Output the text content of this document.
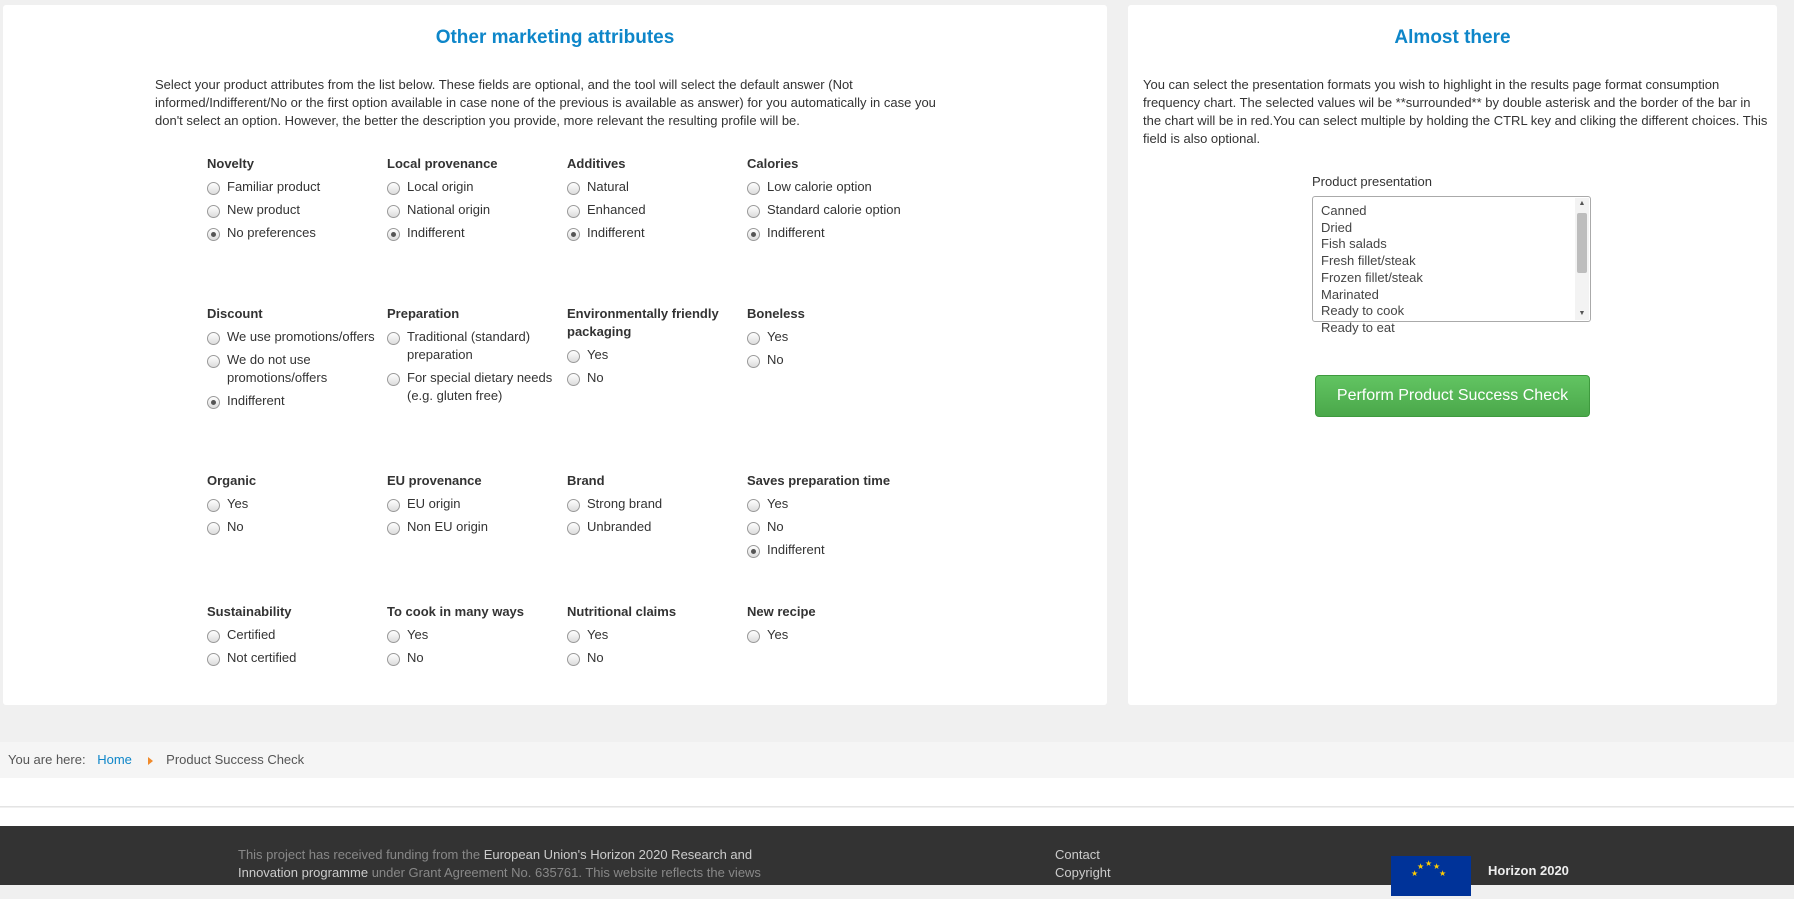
Other marketing attributes
Select your product attributes from the list below. These fields are optional, and the tool will select the default answer (Not informed/Indifferent/No or the first option available in case none of the previous is available as answer) for you automatically in case you don't select an option. However, the better the description you provide, more relevant the resulting profile will be.
Novelty
Familiar product
New product
No preferences
Local provenance
Local origin
National origin
Indifferent
Additives
Natural
Enhanced
Indifferent
Calories
Low calorie option
Standard calorie option
Indifferent
Discount
We use promotions/offers
We do not use promotions/offers
Indifferent
Preparation
Traditional (standard) preparation
For special dietary needs (e.g. gluten free)
Environmentally friendly packaging
Yes
No
Boneless
Yes
No
Organic
Yes
No
EU provenance
EU origin
Non EU origin
Brand
Strong brand
Unbranded
Saves preparation time
Yes
No
Indifferent
Sustainability
Certified
Not certified
To cook in many ways
Yes
No
Nutritional claims
Yes
No
New recipe
Yes
Almost there
You can select the presentation formats you wish to highlight in the results page format consumption frequency chart. The selected values wil be **surrounded** by double asterisk and the border of the bar in the chart will be in red.You can select multiple by holding the CTRL key and cliking the different choices. This field is also optional.
Product presentation
Canned
Dried
Fish salads
Fresh fillet/steak
Frozen fillet/steak
Marinated
Ready to cook
Ready to eat
▲
▼
Perform Product Success Check
You are here: Home	Product Success Check
This project has received funding from the European Union's Horizon 2020 Research and Innovation programme under Grant Agreement No. 635761. This website reflects the views
Contact
Copyright
★
★ ★
★	★	Horizon 2020
